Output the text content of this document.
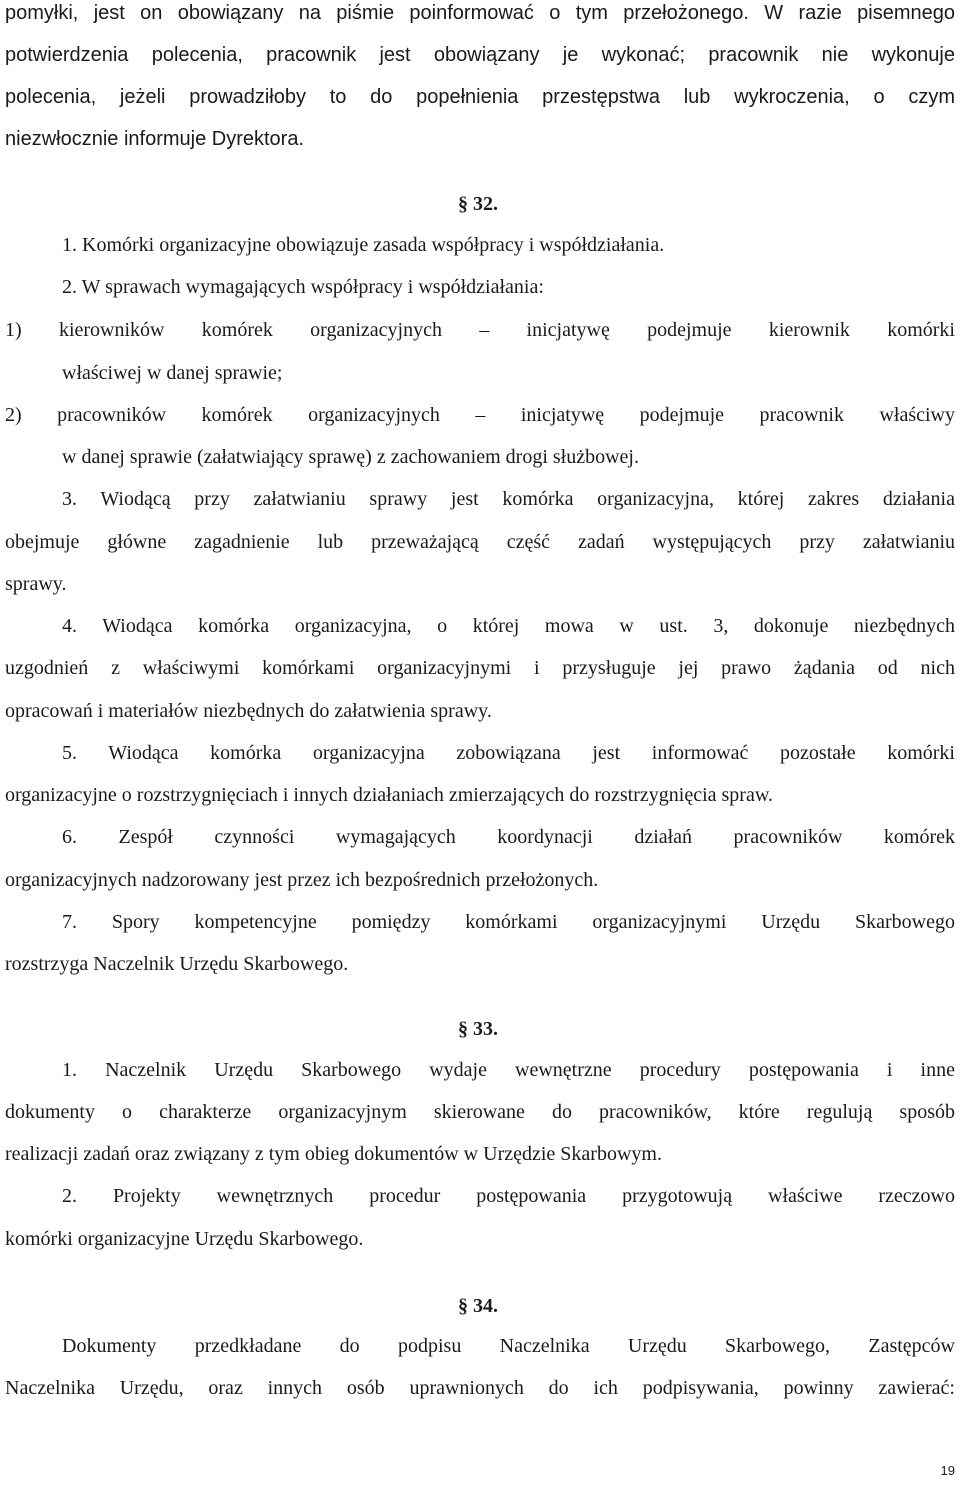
pomyłki, jest on obowiązany na piśmie poinformować o tym przełożonego. W razie pisemnego

potwierdzenia polecenia, pracownik jest obowiązany je wykonać; pracownik nie wykonuje

polecenia, jeżeli prowadziłoby to do popełnienia przestępstwa lub wykroczenia, o czym

niezwłocznie informuje Dyrektora.

§ 32.

1. Komórki organizacyjne obowiązuje zasada współpracy i współdziałania.

2. W sprawach wymagających współpracy i współdziałania:

1) kierowników komórek organizacyjnych – inicjatywę podejmuje kierownik komórki

właściwej w danej sprawie;

2) pracowników komórek organizacyjnych – inicjatywę podejmuje pracownik właściwy

w danej sprawie (załatwiający sprawę) z zachowaniem drogi służbowej.

3. Wiodącą przy załatwianiu sprawy jest komórka organizacyjna, której zakres działania

obejmuje główne zagadnienie lub przeważającą część zadań występujących przy załatwianiu

sprawy.

4. Wiodąca komórka organizacyjna, o której mowa w ust. 3, dokonuje niezbędnych

uzgodnień z właściwymi komórkami organizacyjnymi i przysługuje jej prawo żądania od nich

opracowań i materiałów niezbędnych do załatwienia sprawy.

5. Wiodąca komórka organizacyjna zobowiązana jest informować pozostałe komórki

organizacyjne o rozstrzygnięciach i innych działaniach zmierzających do rozstrzygnięcia spraw.

6. Zespół czynności wymagających koordynacji działań pracowników komórek

organizacyjnych nadzorowany jest przez ich bezpośrednich przełożonych.

7. Spory kompetencyjne pomiędzy komórkami organizacyjnymi Urzędu Skarbowego

rozstrzyga Naczelnik Urzędu Skarbowego.

§ 33.

1. Naczelnik Urzędu Skarbowego wydaje wewnętrzne procedury postępowania i inne

dokumenty o charakterze organizacyjnym skierowane do pracowników, które regulują sposób

realizacji zadań oraz związany z tym obieg dokumentów w Urzędzie Skarbowym.

2. Projekty wewnętrznych procedur postępowania przygotowują właściwe rzeczowo

komórki organizacyjne Urzędu Skarbowego.

§ 34.

Dokumenty przedkładane do podpisu Naczelnika Urzędu Skarbowego, Zastępców

Naczelnika Urzędu, oraz innych osób uprawnionych do ich podpisywania, powinny zawierać:

19
